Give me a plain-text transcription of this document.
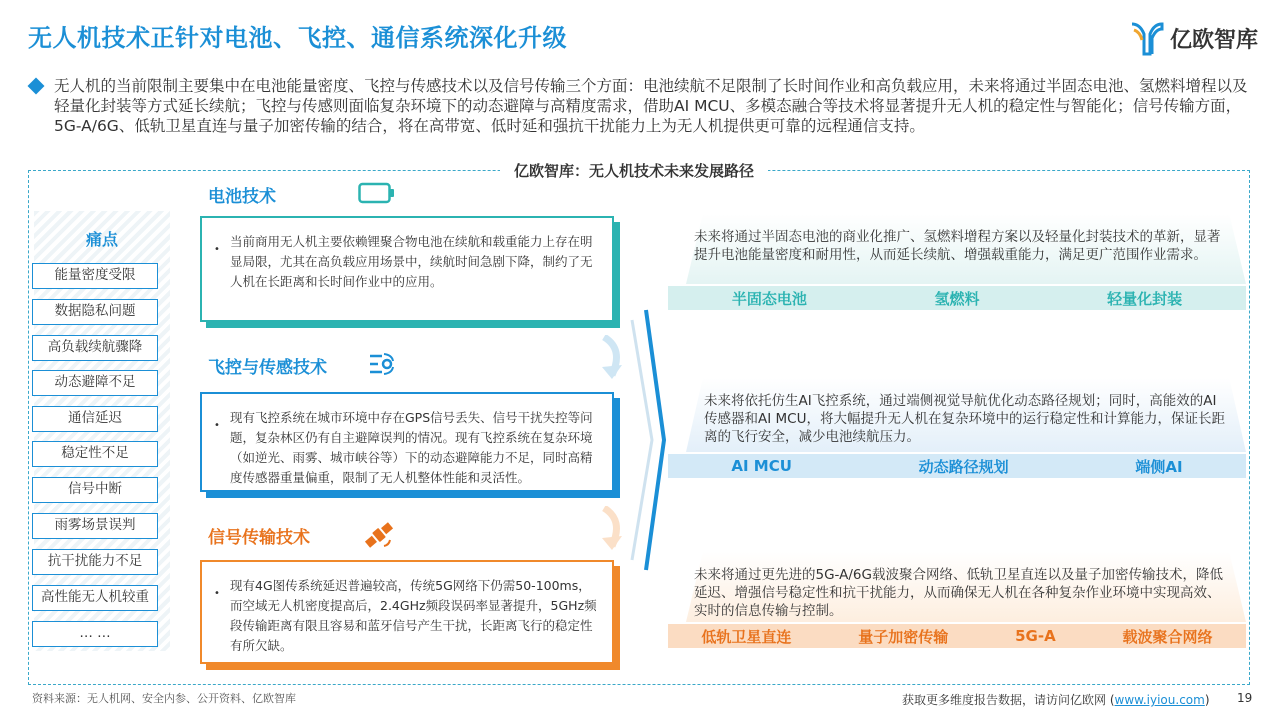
无人机技术正针对电池、飞控、通信系统深化升级	亿欧智库
无人机的当前限制主要集中在电池能量密度、飞控与传感技术以及信号传输三个方面：电池续航不足限制了长时间作业和高负载应用，未来将通过半固态电池、氢燃料增程以及轻量化封装等方式延长续航；飞控与传感则面临复杂环境下的动态避障与高精度需求，借助AI MCU、多模态融合等技术将显著提升无人机的稳定性与智能化；信号传输方面，5G-A/6G、低轨卫星直连与量子加密传输的结合，将在高带宽、低时延和强抗干扰能力上为无人机提供更可靠的远程通信支持。
亿欧智库：无人机技术未来发展路径
痛点
能量密度受限
数据隐私问题
高负载续航骤降
动态避障不足
通信延迟
稳定性不足
信号中断
雨雾场景误判
抗干扰能力不足
高性能无人机较重
… …
电池技术
飞控与传感技术
信号传输技术
•
当前商用无人机主要依赖锂聚合物电池在续航和载重能力上存在明显局限，尤其在高负载应用场景中，续航时间急剧下降，制约了无人机在长距离和长时间作业中的应用。
•
现有飞控系统在城市环境中存在GPS信号丢失、信号干扰失控等问题，复杂林区仍有自主避障误判的情况。现有飞控系统在复杂环境（如逆光、雨雾、城市峡谷等）下的动态避障能力不足，同时高精度传感器重量偏重，限制了无人机整体性能和灵活性。
•
现有4G图传系统延迟普遍较高，传统5G网络下仍需50-100ms，而空域无人机密度提高后，2.4GHz频段误码率显著提升，5GHz频段传输距离有限且容易和蓝牙信号产生干扰，长距离飞行的稳定性有所欠缺。
未来将通过半固态电池的商业化推广、氢燃料增程方案以及轻量化封装技术的革新，显著提升电池能量密度和耐用性，从而延长续航、增强载重能力，满足更广范围作业需求。
半固态电池	氢燃料	轻量化封装
未来将依托仿生AI飞控系统，通过端侧视觉导航优化动态路径规划；同时，高能效的AI传感器和AI MCU，将大幅提升无人机在复杂环境中的运行稳定性和计算能力，保证长距离的飞行安全，减少电池续航压力。
AI MCU	动态路径规划	端侧AI
未来将通过更先进的5G-A/6G载波聚合网络、低轨卫星直连以及量子加密传输技术，降低延迟、增强信号稳定性和抗干扰能力，从而确保无人机在各种复杂作业环境中实现高效、实时的信息传输与控制。
低轨卫星直连	量子加密传输	5G-A	载波聚合网络
资料来源：无人机网、安全内参、公开资料、亿欧智库	获取更多维度报告数据，请访问亿欧网 (www.iyiou.com) 19
